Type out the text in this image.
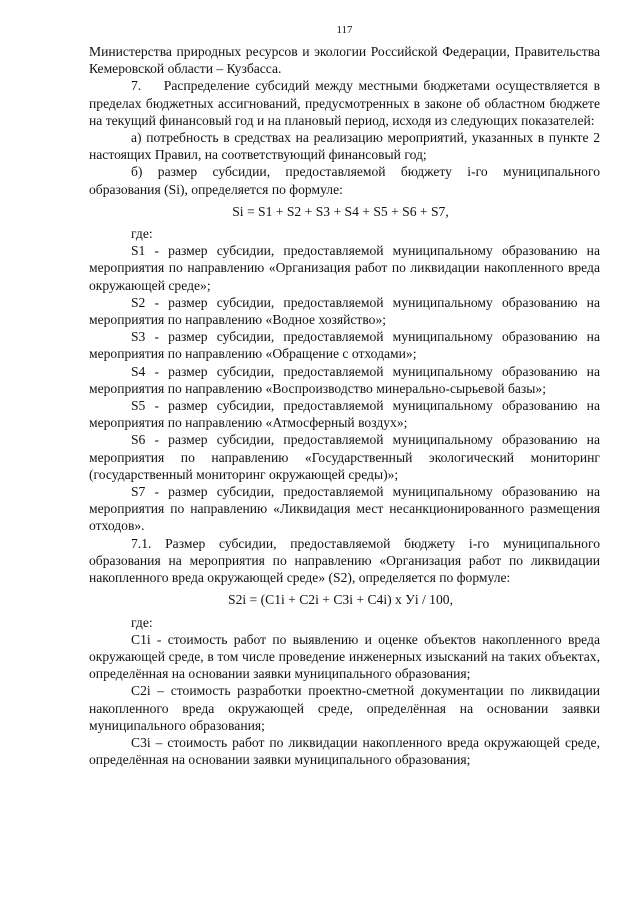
117

Министерства природных ресурсов и экологии Российской Федерации, Правительства Кемеровской области – Кузбасса.

7.    Распределение субсидий между местными бюджетами осуществляется в пределах бюджетных ассигнований, предусмотренных в законе об областном бюджете на текущий финансовый год и на плановый период, исходя из следующих показателей:

а) потребность в средствах на реализацию мероприятий, указанных в пункте 2 настоящих Правил, на соответствующий финансовый год;

б) размер субсидии, предоставляемой бюджету i-го муниципального образования (Si), определяется по формуле:

Si = S1 + S2 + S3 + S4 + S5 + S6 + S7,

где:

S1 - размер субсидии, предоставляемой муниципальному образованию на мероприятия по направлению «Организация работ по ликвидации накопленного вреда окружающей среде»;

S2 - размер субсидии, предоставляемой муниципальному образованию на мероприятия по направлению «Водное хозяйство»;

S3 - размер субсидии, предоставляемой муниципальному образованию на мероприятия по направлению «Обращение с отходами»;

S4 - размер субсидии, предоставляемой муниципальному образованию на мероприятия по направлению «Воспроизводство минерально-сырьевой базы»;

S5 - размер субсидии, предоставляемой муниципальному образованию на мероприятия по направлению «Атмосферный воздух»;

S6 - размер субсидии, предоставляемой муниципальному образованию на мероприятия по направлению «Государственный экологический мониторинг (государственный мониторинг окружающей среды)»;

S7 - размер субсидии, предоставляемой муниципальному образованию на мероприятия по направлению «Ликвидация мест несанкционированного размещения отходов».

7.1. Размер субсидии, предоставляемой бюджету i-го муниципального образования на мероприятия по направлению «Организация работ по ликвидации накопленного вреда окружающей среде» (S2), определяется по формуле:

S2i = (C1i + C2i + C3i + C4i) х Уi / 100,

где:

С1i - стоимость работ по выявлению и оценке объектов накопленного вреда окружающей среде, в том числе проведение инженерных изысканий на таких объектах, определённая на основании заявки муниципального образования;

C2i – стоимость разработки проектно-сметной документации по ликвидации накопленного вреда окружающей среде, определённая на основании заявки муниципального образования;

C3i – стоимость работ по ликвидации накопленного вреда окружающей среде, определённая на основании заявки муниципального образования;
